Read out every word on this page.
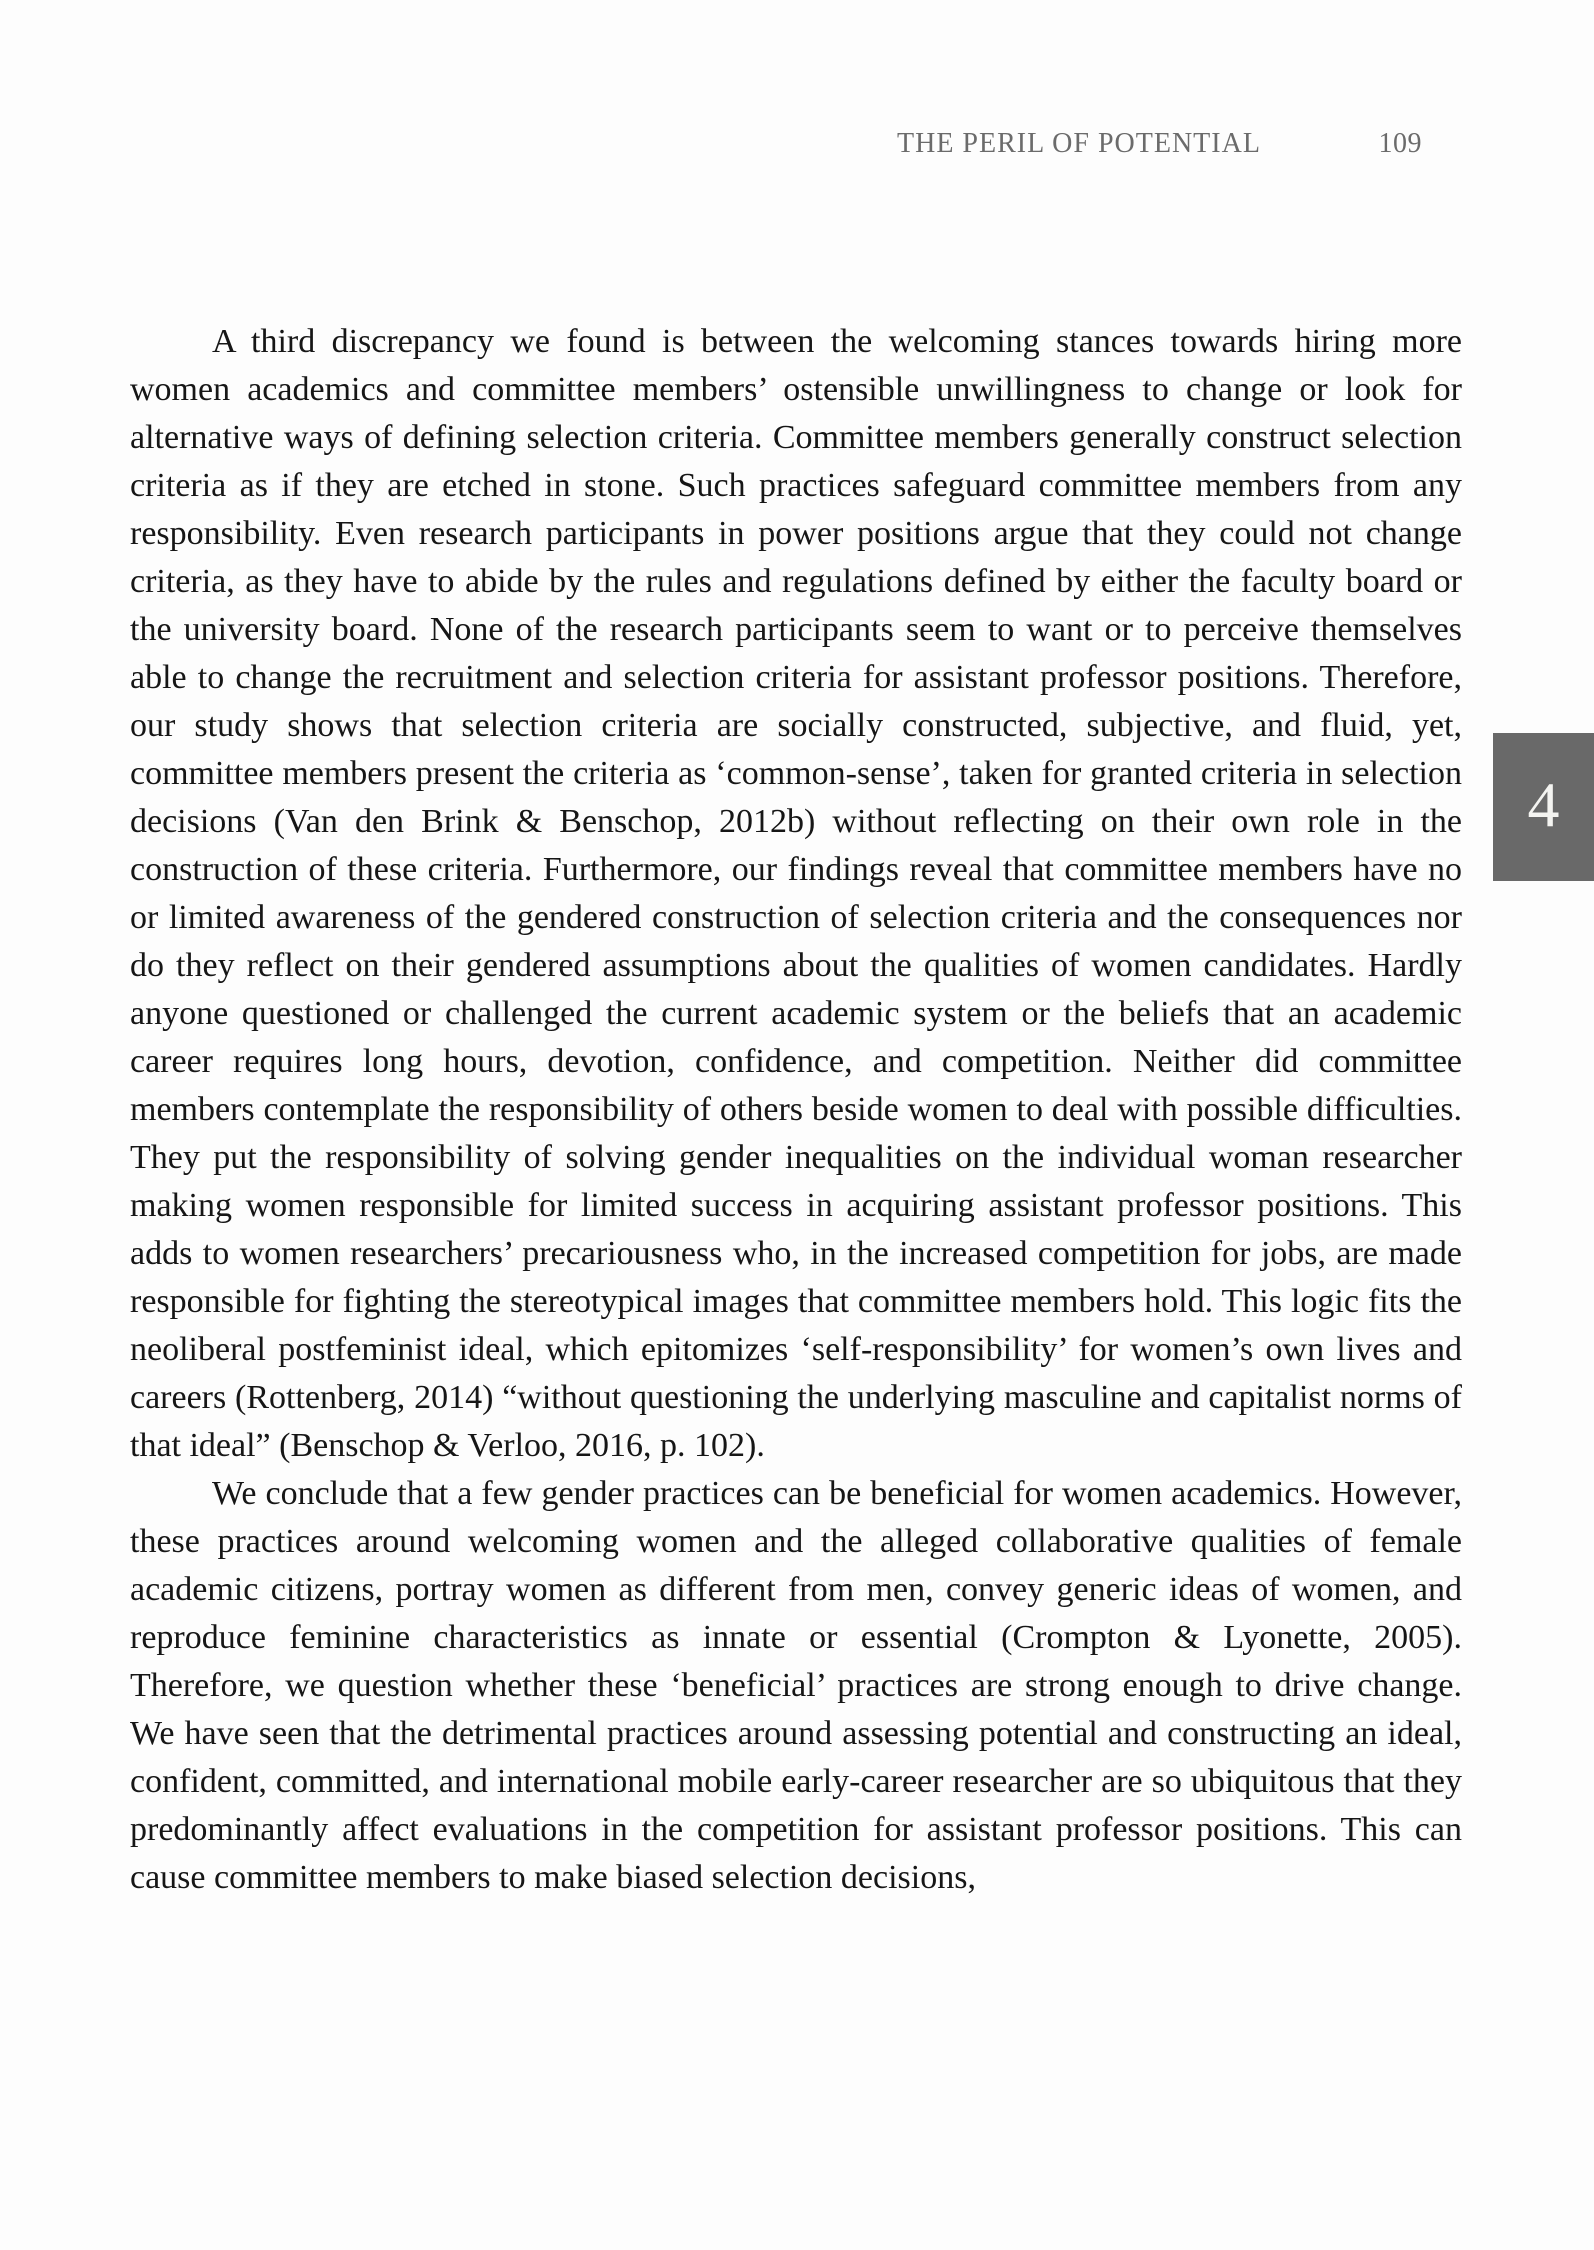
THE PERIL OF POTENTIAL	109

A third discrepancy we found is between the welcoming stances towards hiring more women academics and committee members’ ostensible unwillingness to change or look for alternative ways of defining selection criteria. Committee members generally construct selection criteria as if they are etched in stone. Such practices safeguard committee members from any responsibility. Even research participants in power positions argue that they could not change criteria, as they have to abide by the rules and regulations defined by either the faculty board or the university board. None of the research participants seem to want or to perceive themselves able to change the recruitment and selection criteria for assistant professor positions. Therefore, our study shows that selection criteria are socially constructed, subjective, and fluid, yet, committee members present the criteria as ‘common-sense’, taken for granted criteria in selection decisions (Van den Brink & Benschop, 2012b) without reflecting on their own role in the construction of these criteria. Furthermore, our findings reveal that committee members have no or limited awareness of the gendered construction of selection criteria and the consequences nor do they reflect on their gendered assumptions about the qualities of women candidates. Hardly anyone questioned or challenged the current academic system or the beliefs that an academic career requires long hours, devotion, confidence, and competition. Neither did committee members contemplate the responsibility of others beside women to deal with possible difficulties. They put the responsibility of solving gender inequalities on the individual woman researcher making women responsible for limited success in acquiring assistant professor positions. This adds to women researchers’ precariousness who, in the increased competition for jobs, are made responsible for fighting the stereotypical images that committee members hold. This logic fits the neoliberal postfeminist ideal, which epitomizes ‘self-responsibility’ for women’s own lives and careers (Rottenberg, 2014) “without questioning the underlying masculine and capitalist norms of that ideal” (Benschop & Verloo, 2016, p. 102).

We conclude that a few gender practices can be beneficial for women academics. However, these practices around welcoming women and the alleged collaborative qualities of female academic citizens, portray women as different from men, convey generic ideas of women, and reproduce feminine characteristics as innate or essential (Crompton & Lyonette, 2005). Therefore, we question whether these ‘beneficial’ practices are strong enough to drive change. We have seen that the detrimental practices around assessing potential and constructing an ideal, confident, committed, and international mobile early-career researcher are so ubiquitous that they predominantly affect evaluations in the competition for assistant professor positions. This can cause committee members to make biased selection decisions,

4
